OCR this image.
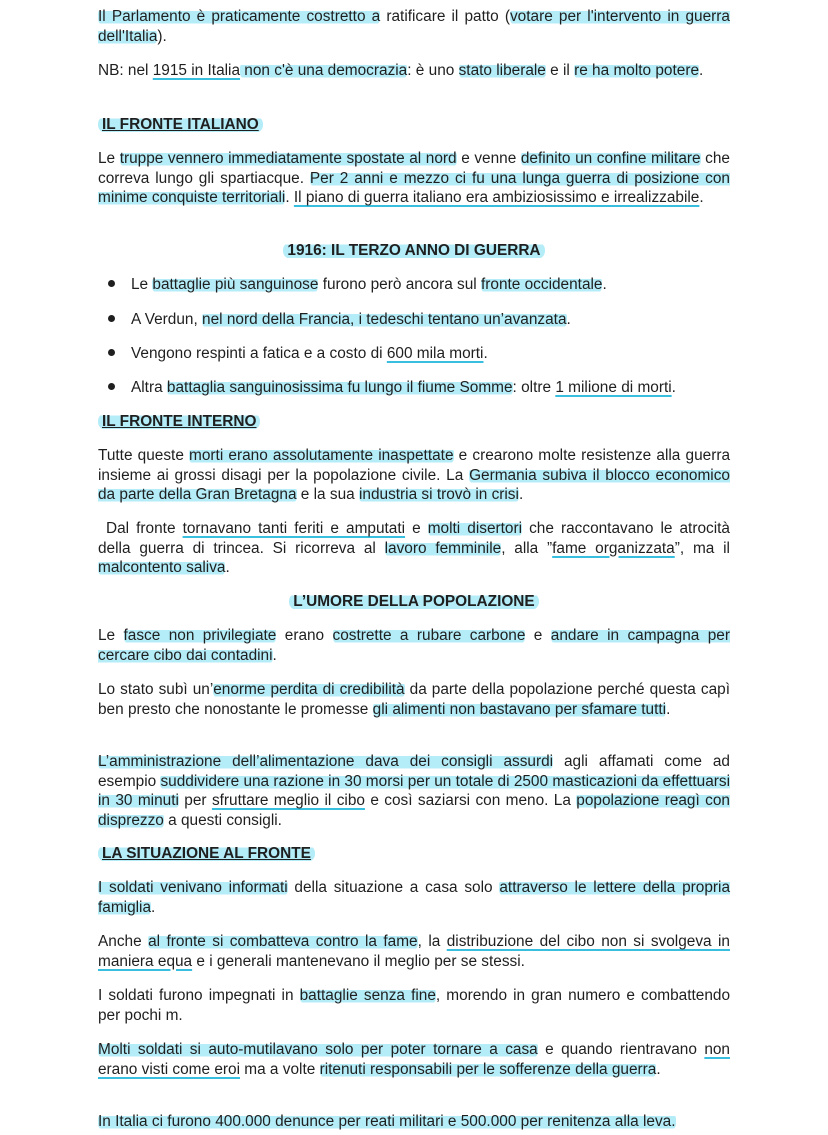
Il Parlamento è praticamente costretto a ratificare il patto (votare per l'intervento in guerra dell'Italia).

NB: nel 1915 in Italia non c'è una democrazia: è uno stato liberale e il re ha molto potere.

IL FRONTE ITALIANO

Le truppe vennero immediatamente spostate al nord e venne definito un confine militare che correva lungo gli spartiacque. Per 2 anni e mezzo ci fu una lunga guerra di posizione con minime conquiste territoriali. Il piano di guerra italiano era ambiziosissimo e irrealizzabile.

1916: IL TERZO ANNO DI GUERRA

Le battaglie più sanguinose furono però ancora sul fronte occidentale.

A Verdun, nel nord della Francia, i tedeschi tentano un’avanzata.

Vengono respinti a fatica e a costo di 600 mila morti.

Altra battaglia sanguinosissima fu lungo il fiume Somme: oltre 1 milione di morti.

IL FRONTE INTERNO

Tutte queste morti erano assolutamente inaspettate e crearono molte resistenze alla guerra insieme ai grossi disagi per la popolazione civile. La Germania subiva il blocco economico da parte della Gran Bretagna e la sua industria si trovò in crisi.

Dal fronte tornavano tanti feriti e amputati e molti disertori che raccontavano le atrocità della guerra di trincea. Si ricorreva al lavoro femminile, alla ”fame organizzata”, ma il malcontento saliva.

L’UMORE DELLA POPOLAZIONE

Le fasce non privilegiate erano costrette a rubare carbone e andare in campagna per cercare cibo dai contadini.

Lo stato subì un’enorme perdita di credibilità da parte della popolazione perché questa capì ben presto che nonostante le promesse gli alimenti non bastavano per sfamare tutti.

L’amministrazione dell’alimentazione dava dei consigli assurdi agli affamati come ad esempio suddividere una razione in 30 morsi per un totale di 2500 masticazioni da effettuarsi in 30 minuti per sfruttare meglio il cibo e così saziarsi con meno. La popolazione reagì con disprezzo a questi consigli.

LA SITUAZIONE AL FRONTE

I soldati venivano informati della situazione a casa solo attraverso le lettere della propria famiglia.

Anche al fronte si combatteva contro la fame, la distribuzione del cibo non si svolgeva in maniera equa e i generali mantenevano il meglio per se stessi.

I soldati furono impegnati in battaglie senza fine, morendo in gran numero e combattendo per pochi m.

Molti soldati si auto-mutilavano solo per poter tornare a casa e quando rientravano non erano visti come eroi ma a volte ritenuti responsabili per le sofferenze della guerra.

In Italia ci furono 400.000 denunce per reati militari e 500.000 per renitenza alla leva.
